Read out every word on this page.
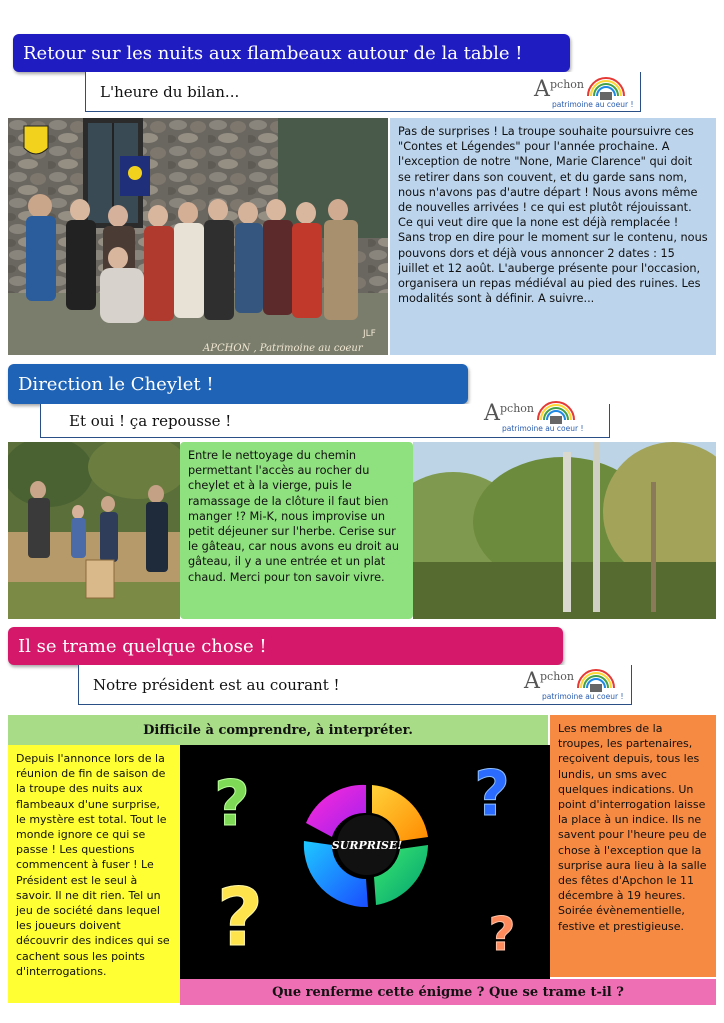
Retour sur les nuits aux flambeaux autour de la table !
L'heure du bilan...	A pchon
patrimoine au coeur !
APCHON , Patrimoine au coeur
JLF
Pas de surprises ! La troupe souhaite poursuivre ces "Contes et Légendes" pour l'année prochaine. A l'exception de notre "None, Marie Clarence" qui doit se retirer dans son couvent, et du garde sans nom, nous n'avons pas d'autre départ ! Nous avons même de nouvelles arrivées ! ce qui est plutôt réjouissant. Ce qui veut dire que la none est déjà remplacée ! Sans trop en dire pour le moment sur le contenu, nous pouvons dors et déjà vous annoncer 2 dates : 15 juillet et 12 août. L'auberge présente pour l'occasion, organisera un repas médiéval au pied des ruines. Les modalités sont à définir. A suivre...
Direction le Cheylet !
Et oui ! ça repousse !	A pchon
patrimoine au coeur !
Entre le nettoyage du chemin permettant l'accès au rocher du cheylet et à la vierge, puis le ramassage de la clôture il faut bien manger !? Mi-K, nous improvise un petit déjeuner sur l'herbe. Cerise sur le gâteau, car nous avons eu droit au gâteau, il y a une entrée et un plat chaud. Merci pour ton savoir vivre.
Il se trame quelque chose !
Notre président est au courant !	A pchon
patrimoine au coeur !
SURPRISE!
?	?
?	?
Difficile à comprendre, à interpréter.
Depuis l'annonce lors de la réunion de fin de saison de la troupe des nuits aux flambeaux d'une surprise, le mystère est total. Tout le monde ignore ce qui se passe ! Les questions commencent à fuser ! Le Président est le seul à savoir. Il ne dit rien. Tel un jeu de société dans lequel les joueurs doivent découvrir des indices qui se cachent sous les points d'interrogations.
Les membres de la troupes, les partenaires, reçoivent depuis, tous les lundis, un sms avec quelques indications. Un point d'interrogation laisse la place à un indice. Ils ne savent pour l'heure peu de chose à l'exception que la surprise aura lieu à la salle des fêtes d'Apchon le 11 décembre à 19 heures. Soirée évènementielle, festive et prestigieuse.
Que renferme cette énigme ? Que se trame t-il ?
